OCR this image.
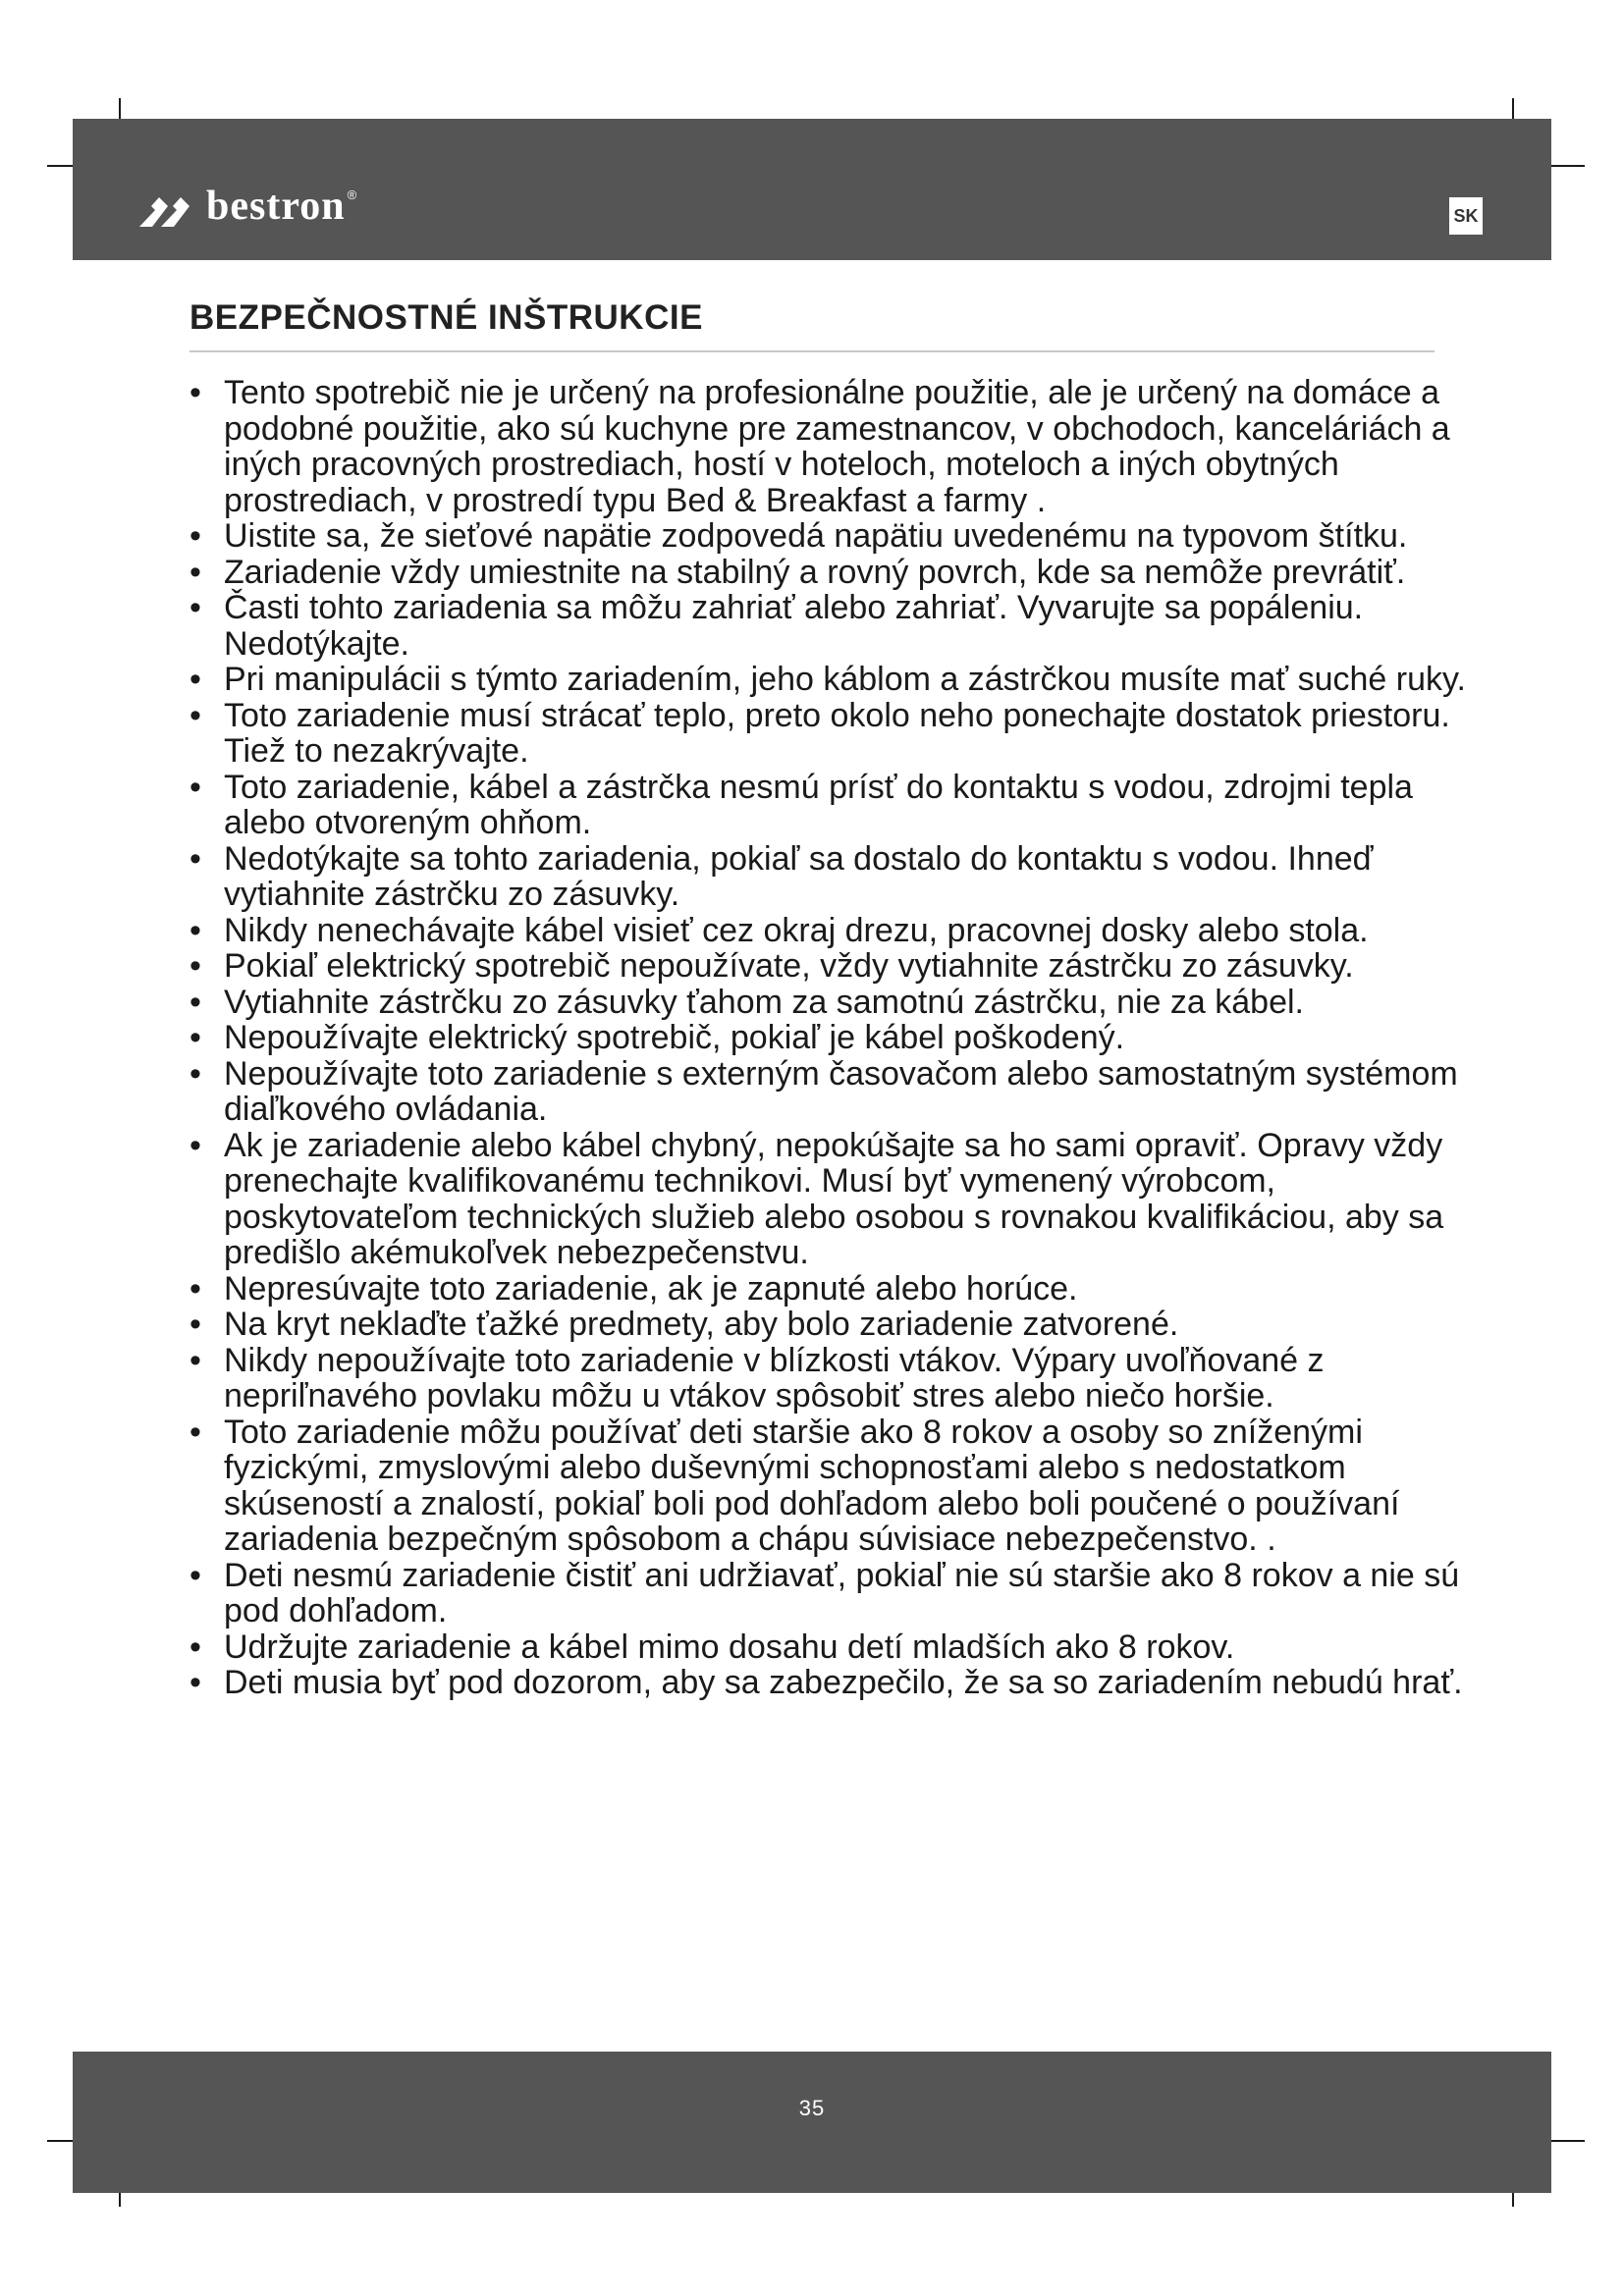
bestron ®
SK
BEZPEČNOSTNÉ INŠTRUKCIE
• Tento spotrebič nie je určený na profesionálne použitie, ale je určený na domáce a podobné použitie, ako sú kuchyne pre zamestnancov, v obchodoch, kanceláriách a iných pracovných prostrediach, hostí v hoteloch, moteloch a iných obytných prostrediach, v prostredí typu Bed & Breakfast a farmy .
• Uistite sa, že sieťové napätie zodpovedá napätiu uvedenému na typovom štítku.
• Zariadenie vždy umiestnite na stabilný a rovný povrch, kde sa nemôže prevrátiť.
• Časti tohto zariadenia sa môžu zahriať alebo zahriať. Vyvarujte sa popáleniu. Nedotýkajte.
• Pri manipulácii s týmto zariadením, jeho káblom a zástrčkou musíte mať suché ruky.
• Toto zariadenie musí strácať teplo, preto okolo neho ponechajte dostatok priestoru. Tiež to nezakrývajte.
• Toto zariadenie, kábel a zástrčka nesmú prísť do kontaktu s vodou, zdrojmi tepla alebo otvoreným ohňom.
• Nedotýkajte sa tohto zariadenia, pokiaľ sa dostalo do kontaktu s vodou. Ihneď vytiahnite zástrčku zo zásuvky.
• Nikdy nenechávajte kábel visieť cez okraj drezu, pracovnej dosky alebo stola.
• Pokiaľ elektrický spotrebič nepoužívate, vždy vytiahnite zástrčku zo zásuvky.
• Vytiahnite zástrčku zo zásuvky ťahom za samotnú zástrčku, nie za kábel.
• Nepoužívajte elektrický spotrebič, pokiaľ je kábel poškodený.
• Nepoužívajte toto zariadenie s externým časovačom alebo samostatným systémom diaľkového ovládania.
• Ak je zariadenie alebo kábel chybný, nepokúšajte sa ho sami opraviť. Opravy vždy prenechajte kvalifikovanému technikovi. Musí byť vymenený výrobcom, poskytovateľom technických služieb alebo osobou s rovnakou kvalifikáciou, aby sa predišlo akémukoľvek nebezpečenstvu.
• Nepresúvajte toto zariadenie, ak je zapnuté alebo horúce.
• Na kryt neklaďte ťažké predmety, aby bolo zariadenie zatvorené.
• Nikdy nepoužívajte toto zariadenie v blízkosti vtákov. Výpary uvoľňované z nepriľnavého povlaku môžu u vtákov spôsobiť stres alebo niečo horšie.
• Toto zariadenie môžu používať deti staršie ako 8 rokov a osoby so zníženými fyzickými, zmyslovými alebo duševnými schopnosťami alebo s nedostatkom skúseností a znalostí, pokiaľ boli pod dohľadom alebo boli poučené o používaní zariadenia bezpečným spôsobom a chápu súvisiace nebezpečenstvo. .
• Deti nesmú zariadenie čistiť ani udržiavať, pokiaľ nie sú staršie ako 8 rokov a nie sú pod dohľadom.
• Udržujte zariadenie a kábel mimo dosahu detí mladších ako 8 rokov.
• Deti musia byť pod dozorom, aby sa zabezpečilo, že sa so zariadením nebudú hrať.
35
